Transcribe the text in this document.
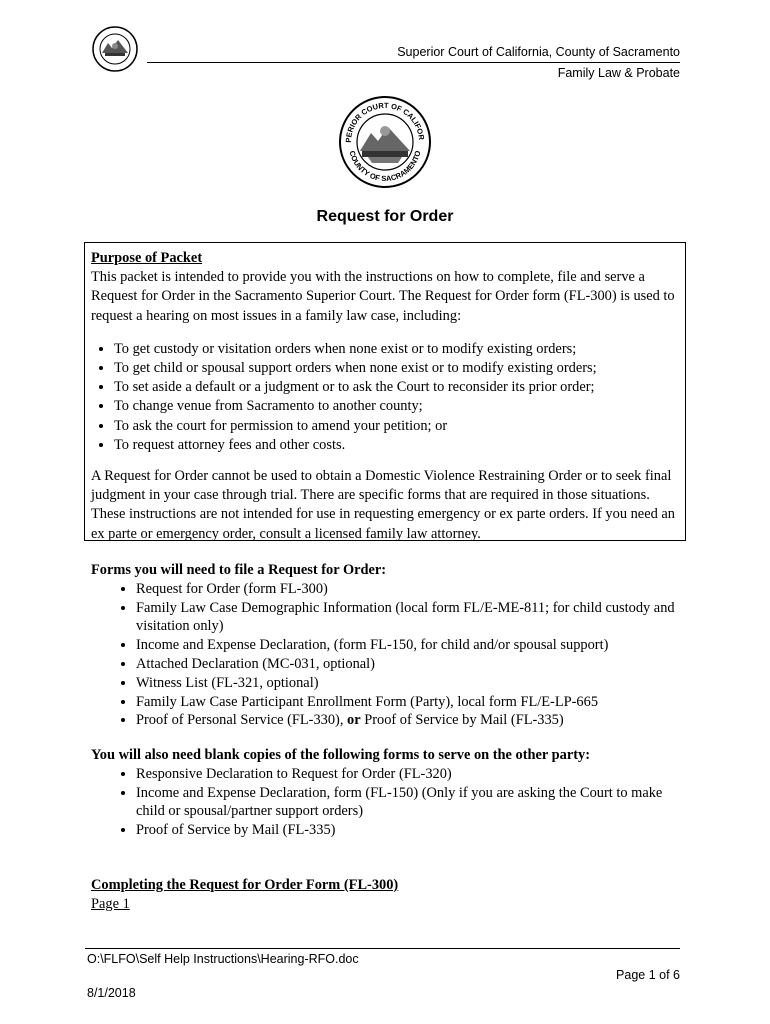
Superior Court of California, County of Sacramento
Family Law & Probate
PERIOR COURT OF CALIFOR
COUNTY OF SACRAMENTO
Request for Order
Purpose of Packet

This packet is intended to provide you with the instructions on how to complete, file and serve a Request for Order in the Sacramento Superior Court. The Request for Order form (FL-300) is used to request a hearing on most issues in a family law case, including:

• To get custody or visitation orders when none exist or to modify existing orders;
• To get child or spousal support orders when none exist or to modify existing orders;
• To set aside a default or a judgment or to ask the Court to reconsider its prior order;
• To change venue from Sacramento to another county;
• To ask the court for permission to amend your petition; or
• To request attorney fees and other costs.

A Request for Order cannot be used to obtain a Domestic Violence Restraining Order or to seek final judgment in your case through trial. There are specific forms that are required in those situations. These instructions are not intended for use in requesting emergency or ex parte orders. If you need an ex parte or emergency order, consult a licensed family law attorney.

Forms you will need to file a Request for Order:
• Request for Order (form FL-300)
• Family Law Case Demographic Information (local form FL/E-ME-811; for child custody and visitation only)
• Income and Expense Declaration, (form FL-150, for child and/or spousal support)
• Attached Declaration (MC-031, optional)
• Witness List (FL-321, optional)
• Family Law Case Participant Enrollment Form (Party), local form FL/E-LP-665
• Proof of Personal Service (FL-330), or Proof of Service by Mail (FL-335)
You will also need blank copies of the following forms to serve on the other party:
• Responsive Declaration to Request for Order (FL-320)
• Income and Expense Declaration, form (FL-150) (Only if you are asking the Court to make child or spousal/partner support orders)
• Proof of Service by Mail (FL-335)
Completing the Request for Order Form (FL-300)
Page 1
O:\FLFO\Self Help Instructions\Hearing-RFO.doc
Page 1 of 6
8/1/2018
